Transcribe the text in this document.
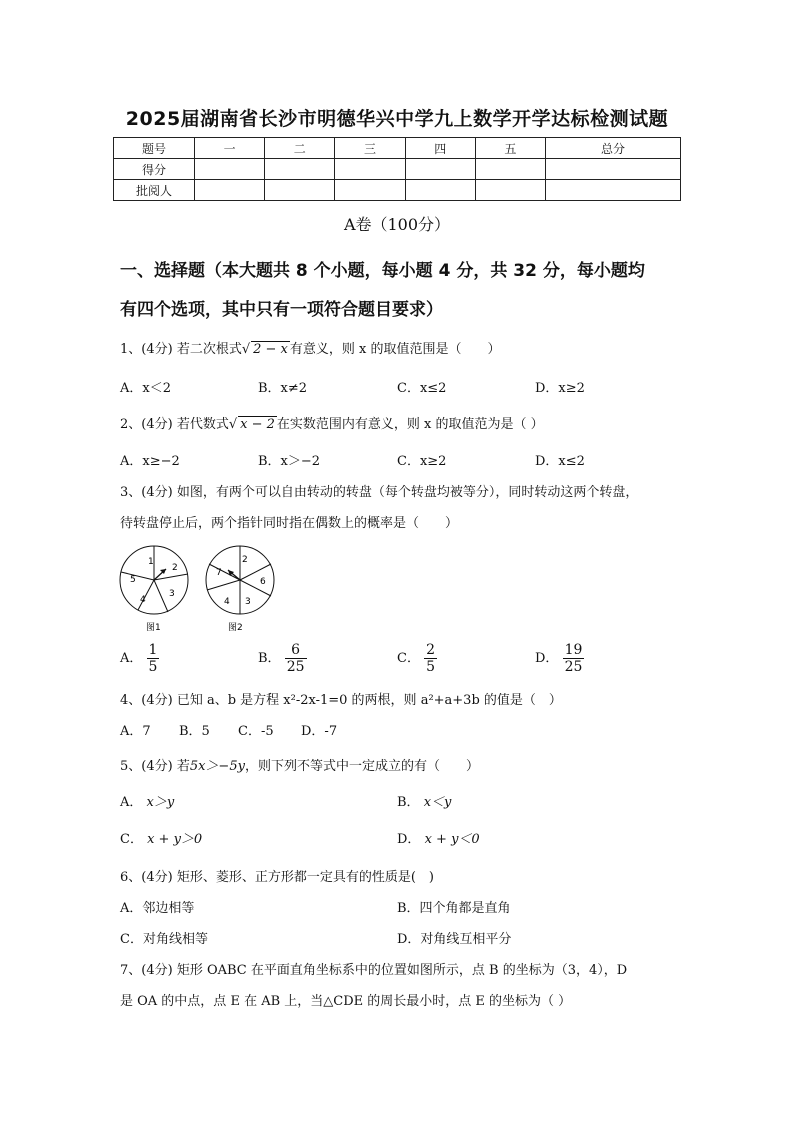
2025届湖南省长沙市明德华兴中学九上数学开学达标检测试题
题号	一	二	三	四	五	总分
得分						
批阅人						
A卷（100分）
一、选择题（本大题共 8 个小题，每小题 4 分，共 32 分，每小题均
有四个选项，其中只有一项符合题目要求）
1、(4分) 若二次根式√ 2 − x 有意义，则 x 的取值范围是（　　）
A．x＜2	B．x≠2	C．x≤2	D．x≥2
2、(4分) 若代数式√ x − 2 在实数范围内有意义，则 x 的取值范为是（ ）
A．x≥−2	B．x＞−2	C．x≥2	D．x≤2
3、(4分) 如图，有两个可以自由转动的转盘（每个转盘均被等分），同时转动这两个转盘，
待转盘停止后，两个指针同时指在偶数上的概率是（　　）
1
2
3
4
5
图1
2
6
3
4
7
图2
A． $\frac{1}{5}$	B． $\frac{6}{25}$	C． $\frac{2}{5}$	D． $\frac{19}{25}$
4、(4分) 已知 a、b 是方程 x²-2x-1=0 的两根，则 a²+a+3b 的值是（　）
A．7 B．5 C．-5 D．-7
5、(4分) 若5x＞−5y，则下列不等式中一定成立的有（　　）
A． x＞y	B． x＜y
C． x + y＞0	D． x + y＜0
6、(4分) 矩形、菱形、正方形都一定具有的性质是(　)
A．邻边相等	B．四个角都是直角
C．对角线相等	D．对角线互相平分
7、(4分) 矩形 OABC 在平面直角坐标系中的位置如图所示，点 B 的坐标为（3，4），D
是 OA 的中点，点 E 在 AB 上，当△CDE 的周长最小时，点 E 的坐标为（ ）
